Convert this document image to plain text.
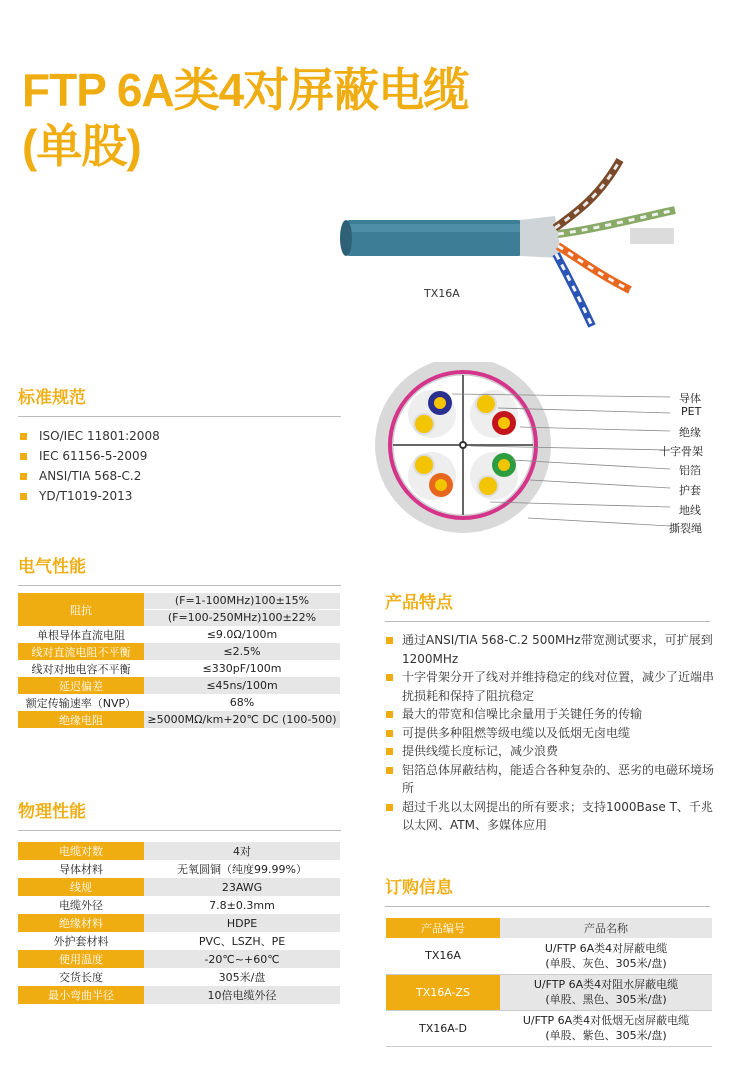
FTP 6A类4对屏蔽电缆
(单股)
TX16A
标准规范
ISO/IEC 11801:2008
IEC 61156-5-2009
ANSI/TIA 568-C.2
YD/T1019-2013
导体
PET
绝缘
十字骨架
铝箔
护套
地线
撕裂绳
电气性能
阻抗	(F=1-100MHz)100±15%
	(F=100-250MHz)100±22%
单根导体直流电阻	≤9.0Ω/100m
线对直流电阻不平衡	≤2.5%
线对对地电容不平衡	≤330pF/100m
延迟偏差	≤45ns/100m
额定传输速率（NVP）	68%
绝缘电阻	≥5000MΩ/km+20℃ DC (100-500)
产品特点
通过ANSI/TIA 568-C.2 500MHz带宽测试要求，可扩展到1200MHz
十字骨架分开了线对并维持稳定的线对位置，减少了近端串扰损耗和保持了阻抗稳定
最大的带宽和信噪比余量用于关键任务的传输
可提供多种阻燃等级电缆以及低烟无卤电缆
提供线缆长度标记，减少浪费
铝箔总体屏蔽结构，能适合各种复杂的、恶劣的电磁环境场所
超过千兆以太网提出的所有要求；支持1000Base T、千兆以太网、ATM、多媒体应用
物理性能
电缆对数	4对
导体材料	无氧圆铜（纯度99.99%）
线规	23AWG
电缆外径	7.8±0.3mm
绝缘材料	HDPE
外护套材料	PVC、LSZH、PE
使用温度	-20℃~+60℃
交货长度	305米/盘
最小弯曲半径	10倍电缆外径
订购信息
产品编号	产品名称
TX16A	U/FTP 6A类4对屏蔽电缆
(单股、灰色、305米/盘)

TX16A-ZS	U/FTP 6A类4对阻水屏蔽电缆
(单股、黑色、305米/盘)

TX16A-D	U/FTP 6A类4对低烟无卤屏蔽电缆
(单股、紫色、305米/盘)
